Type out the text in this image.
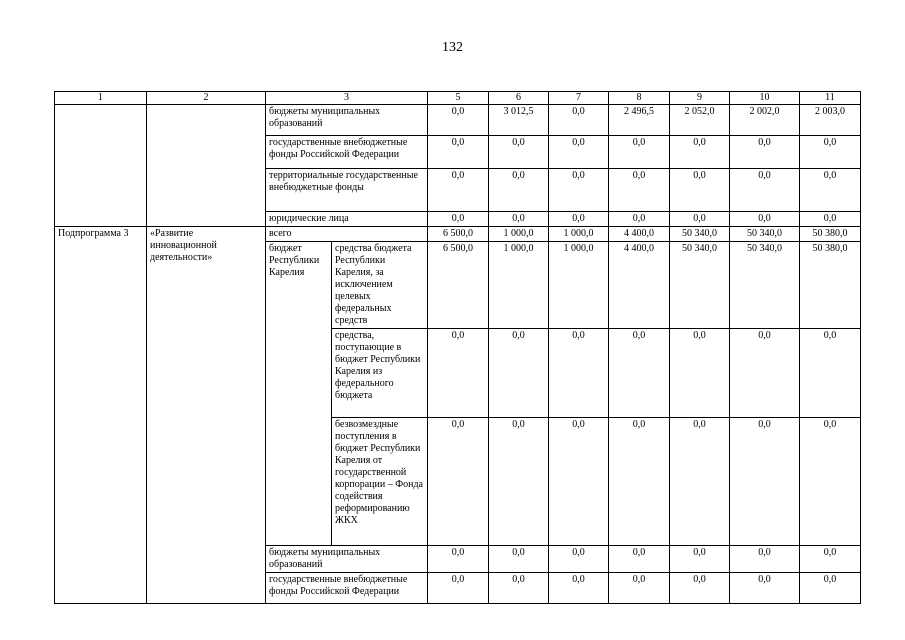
132
1	2	3		5	6	7	8	9	10	11
		бюджеты муниципальных образований		0,0	3 012,5	0,0	2 496,5	2 052,0	2 002,0	2 003,0
		государственные внебюджетные фонды Российской Федерации		0,0	0,0	0,0	0,0	0,0	0,0	0,0
		территориальные государственные внебюджетные фонды		0,0	0,0	0,0	0,0	0,0	0,0	0,0
		юридические лица		0,0	0,0	0,0	0,0	0,0	0,0	0,0
Подпрограмма 3	«Развитие инновационной деятельности»	всего		6 500,0	1 000,0	1 000,0	4 400,0	50 340,0	50 340,0	50 380,0
		бюджет Республики Карелия	средства бюджета Республики Карелия, за исключением целевых федеральных средств	6 500,0	1 000,0	1 000,0	4 400,0	50 340,0	50 340,0	50 380,0
			средства, поступающие в бюджет Республики Карелия из федерального бюджета	0,0	0,0	0,0	0,0	0,0	0,0	0,0
			безвозмездные поступления в бюджет Республики Карелия от государственной корпорации – Фонда содействия реформированию ЖКХ	0,0	0,0	0,0	0,0	0,0	0,0	0,0
		бюджеты муниципальных образований		0,0	0,0	0,0	0,0	0,0	0,0	0,0
		государственные внебюджетные фонды Российской Федерации		0,0	0,0	0,0	0,0	0,0	0,0	0,0
